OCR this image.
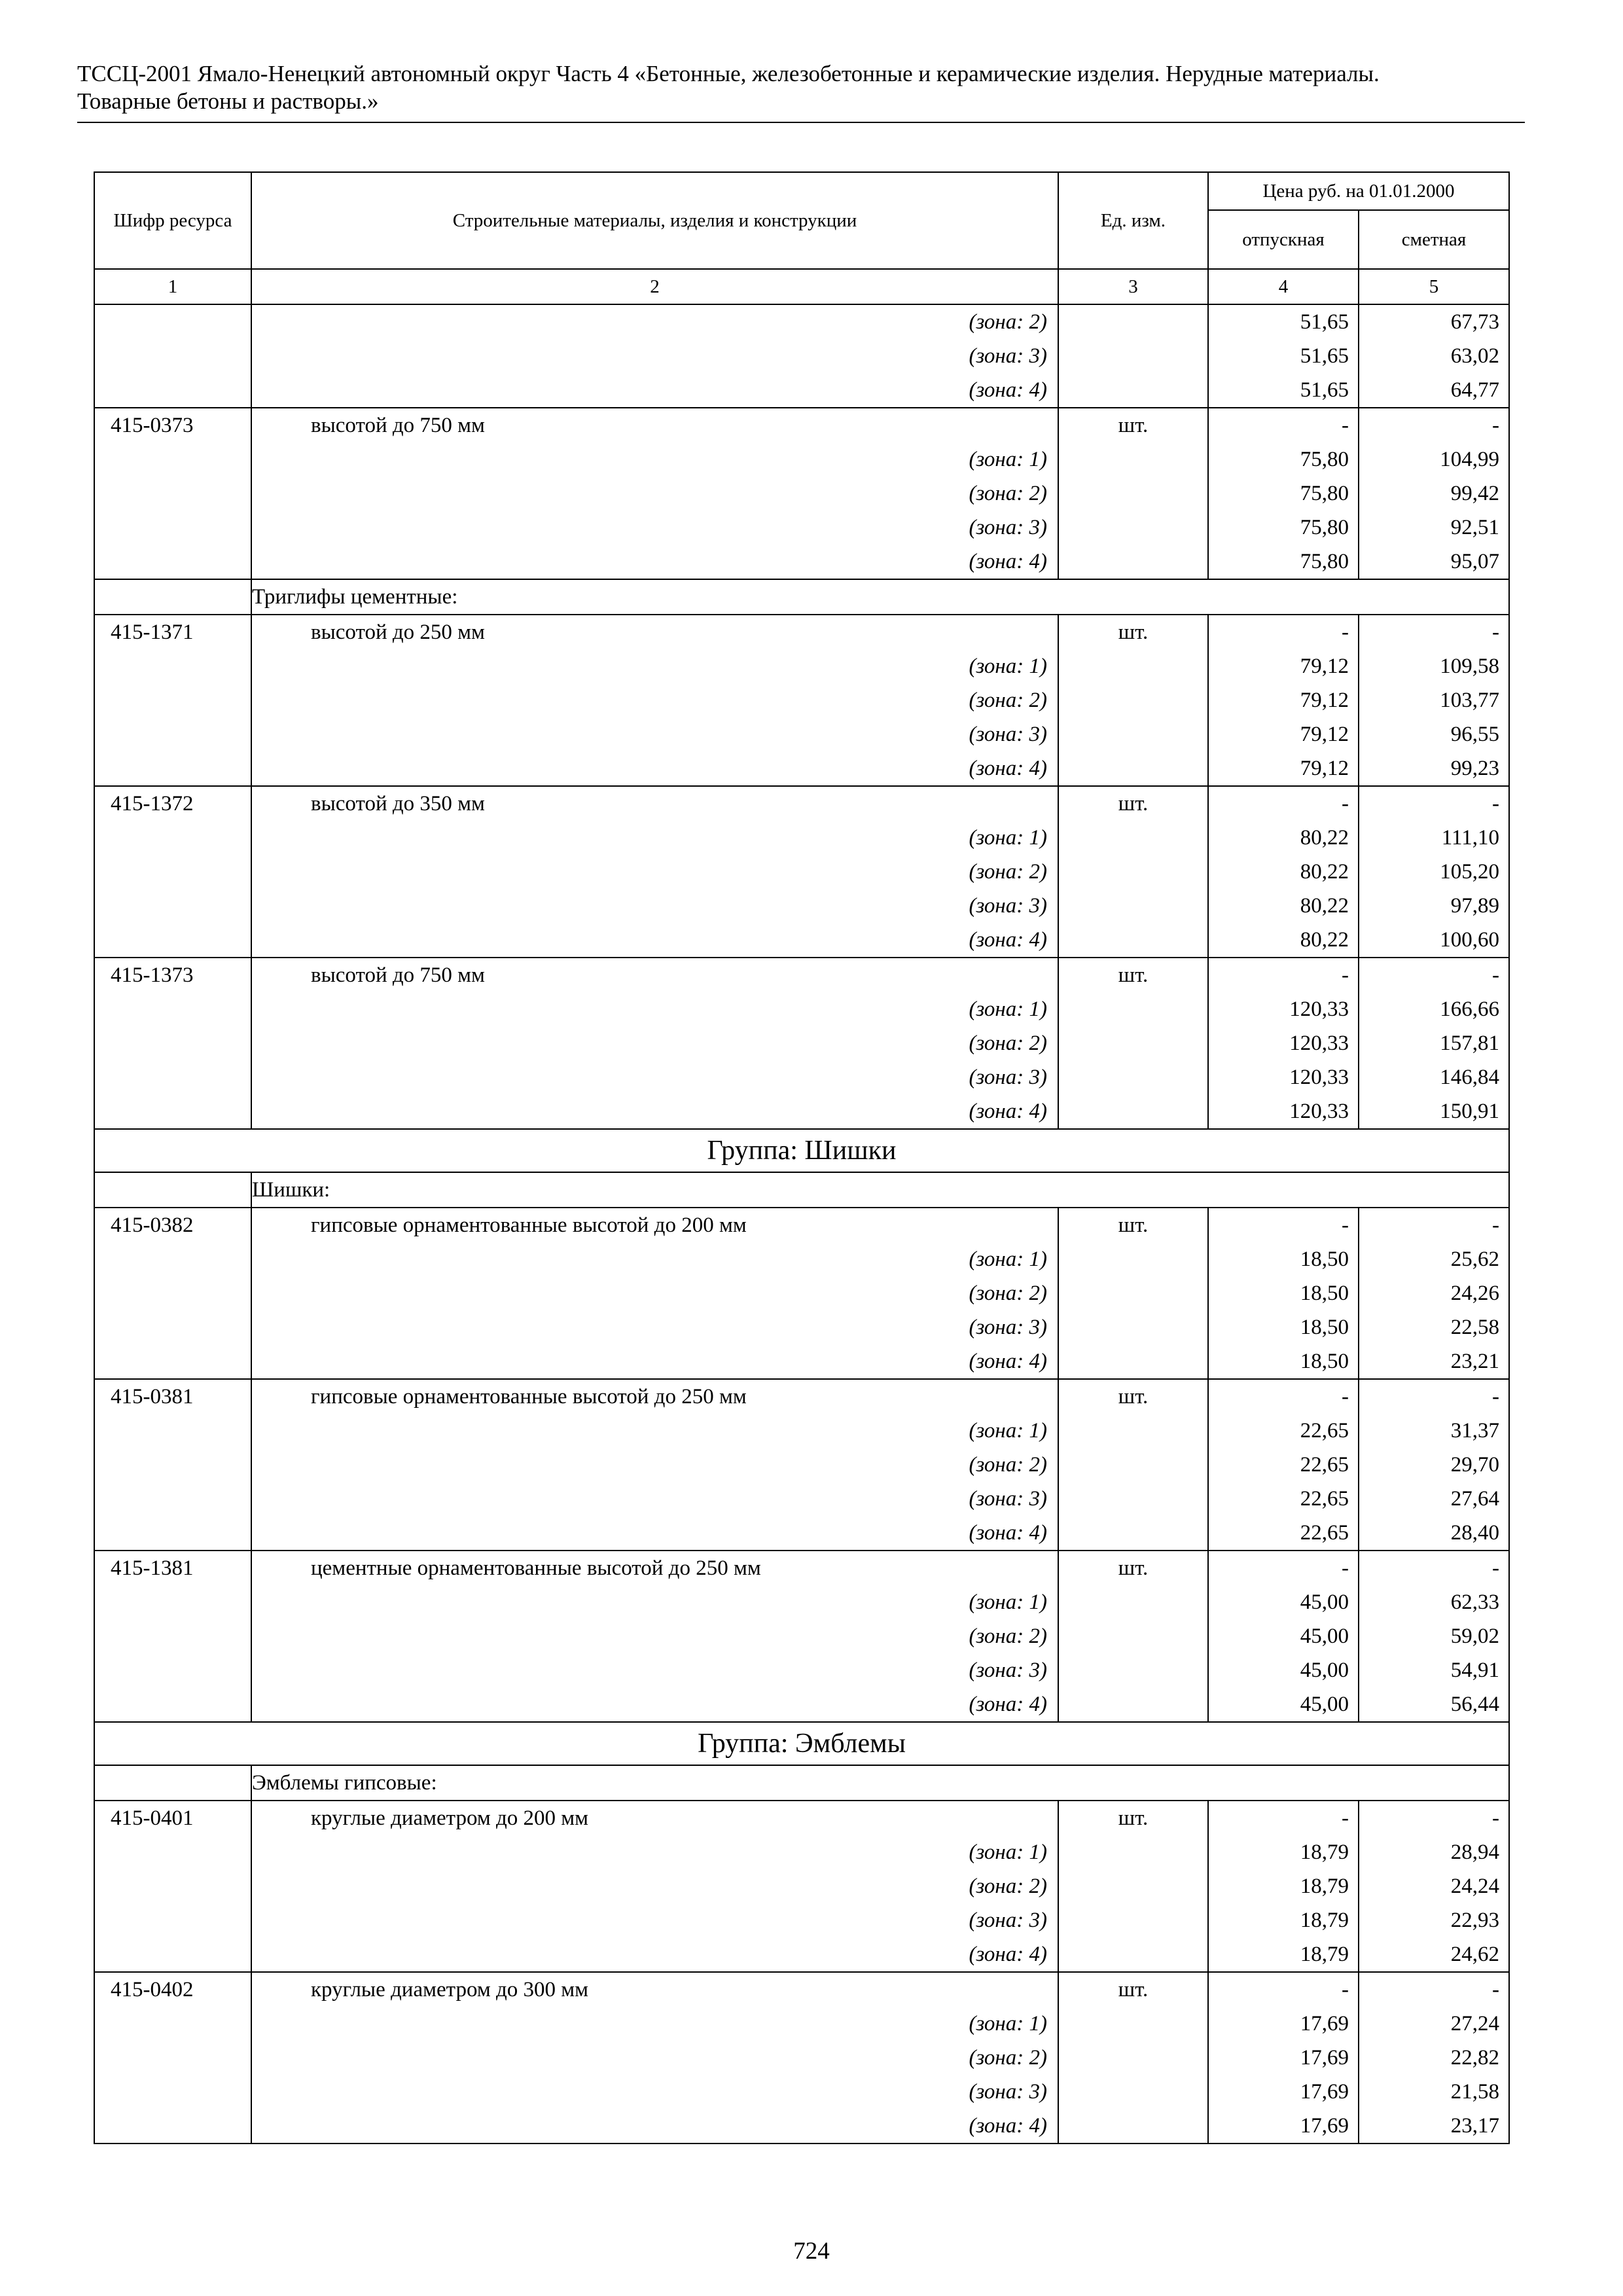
ТССЦ-2001 Ямало-Ненецкий автономный округ Часть 4 «Бетонные, железобетонные и керамические изделия. Нерудные материалы.
Товарные бетоны и растворы.»
Шифр ресурса	Строительные материалы, изделия и конструкции	Ед. изм.	Цена руб. на 01.01.2000	
			отпускная	сметная
1	2	3	4	5
	(зона: 2)		51,65	67,73
	(зона: 3)		51,65	63,02
	(зона: 4)		51,65	64,77
415-0373	высотой до 750 мм	шт.	-	-
	(зона: 1)		75,80	104,99
	(зона: 2)		75,80	99,42
	(зона: 3)		75,80	92,51
	(зона: 4)		75,80	95,07
	Триглифы цементные:			
415-1371	высотой до 250 мм	шт.	-	-
	(зона: 1)		79,12	109,58
	(зона: 2)		79,12	103,77
	(зона: 3)		79,12	96,55
	(зона: 4)		79,12	99,23
415-1372	высотой до 350 мм	шт.	-	-
	(зона: 1)		80,22	111,10
	(зона: 2)		80,22	105,20
	(зона: 3)		80,22	97,89
	(зона: 4)		80,22	100,60
415-1373	высотой до 750 мм	шт.	-	-
	(зона: 1)		120,33	166,66
	(зона: 2)		120,33	157,81
	(зона: 3)		120,33	146,84
	(зона: 4)		120,33	150,91
Группа: Шишки				
	Шишки:			
415-0382	гипсовые орнаментованные высотой до 200 мм	шт.	-	-
	(зона: 1)		18,50	25,62
	(зона: 2)		18,50	24,26
	(зона: 3)		18,50	22,58
	(зона: 4)		18,50	23,21
415-0381	гипсовые орнаментованные высотой до 250 мм	шт.	-	-
	(зона: 1)		22,65	31,37
	(зона: 2)		22,65	29,70
	(зона: 3)		22,65	27,64
	(зона: 4)		22,65	28,40
415-1381	цементные орнаментованные высотой до 250 мм	шт.	-	-
	(зона: 1)		45,00	62,33
	(зона: 2)		45,00	59,02
	(зона: 3)		45,00	54,91
	(зона: 4)		45,00	56,44
Группа: Эмблемы				
	Эмблемы гипсовые:			
415-0401	круглые диаметром до 200 мм	шт.	-	-
	(зона: 1)		18,79	28,94
	(зона: 2)		18,79	24,24
	(зона: 3)		18,79	22,93
	(зона: 4)		18,79	24,62
415-0402	круглые диаметром до 300 мм	шт.	-	-
	(зона: 1)		17,69	27,24
	(зона: 2)		17,69	22,82
	(зона: 3)		17,69	21,58
	(зона: 4)		17,69	23,17
724
